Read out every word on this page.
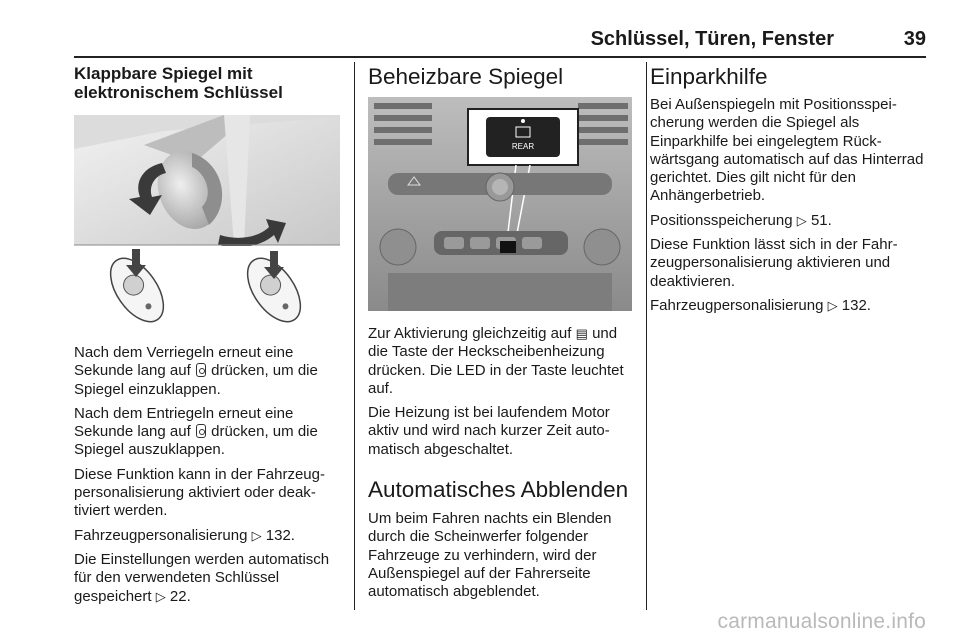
Schlüssel, Türen, Fenster	39
Klappbare Spiegel mit elektronischem Schlüssel

Nach dem Verriegeln erneut eine Sekunde lang auf drücken, um die Spiegel einzuklappen.

Nach dem Entriegeln erneut eine Sekunde lang auf drücken, um die Spiegel auszuklappen.

Diese Funktion kann in der Fahrzeugpersonalisierung aktiviert oder deaktiviert werden.

Fahrzeugpersonalisierung ▷ 132.

Die Einstellungen werden automatisch für den verwendeten Schlüssel gespeichert ▷ 22.

Beheizbare Spiegel
REAR

Zur Aktivierung gleichzeitig auf ▤ und die Taste der Heckscheibenheizung drücken. Die LED in der Taste leuchtet auf.

Die Heizung ist bei laufendem Motor aktiv und wird nach kurzer Zeit automatisch abgeschaltet.

Automatisches Abblenden

Um beim Fahren nachts ein Blenden durch die Scheinwerfer folgender Fahrzeuge zu verhindern, wird der Außenspiegel auf der Fahrerseite automatisch abgeblendet.

Einparkhilfe

Bei Außenspiegeln mit Positionsspeicherung werden die Spiegel als Einparkhilfe bei eingelegtem Rückwärtsgang automatisch auf das Hinterrad gerichtet. Dies gilt nicht für den Anhängerbetrieb.

Positionsspeicherung ▷ 51.

Diese Funktion lässt sich in der Fahrzeugpersonalisierung aktivieren und deaktivieren.

Fahrzeugpersonalisierung ▷ 132.

carmanualsonline.info
